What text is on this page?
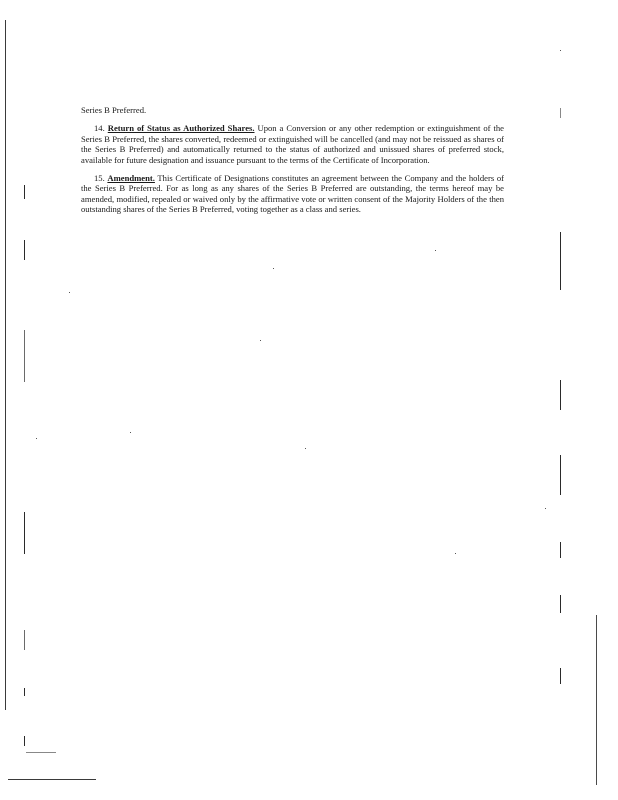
Series B Preferred.

14. Return of Status as Authorized Shares. Upon a Conversion or any other redemption or extinguishment of the Series B Preferred, the shares converted, redeemed or extinguished will be cancelled (and may not be reissued as shares of the Series B Preferred) and automatically returned to the status of authorized and unissued shares of preferred stock, available for future designation and issuance pursuant to the terms of the Certificate of Incorporation.

15. Amendment. This Certificate of Designations constitutes an agreement between the Company and the holders of the Series B Preferred. For as long as any shares of the Series B Preferred are outstanding, the terms hereof may be amended, modified, repealed or waived only by the affirmative vote or written consent of the Majority Holders of the then outstanding shares of the Series B Preferred, voting together as a class and series.
